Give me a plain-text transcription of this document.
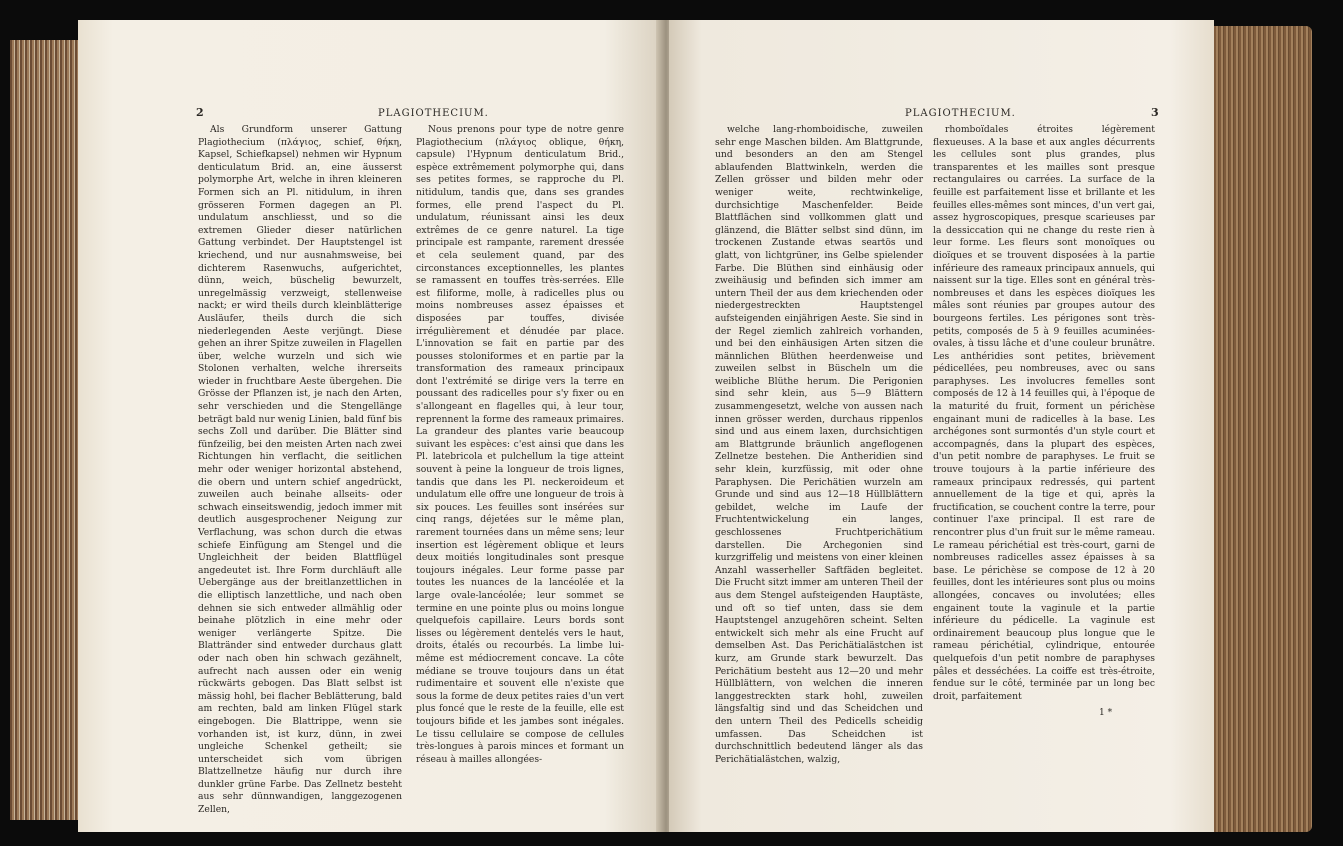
2	PLAGIOTHECIUM.

Als Grundform unserer Gattung Plagiothecium (πλάγιος, schief, θήκη, Kapsel, Schiefkapsel) nehmen wir Hypnum denticulatum Brid. an, eine äusserst polymorphe Art, welche in ihren kleineren Formen sich an Pl. nitidulum, in ihren grösseren Formen dagegen an Pl. undulatum anschliesst, und so die extremen Glieder dieser natürlichen Gattung verbindet. Der Hauptstengel ist kriechend, und nur ausnahmsweise, bei dichterem Rasenwuchs, aufgerichtet, dünn, weich, büschelig bewurzelt, unregelmässig verzweigt, stellenweise nackt; er wird theils durch kleinblätterige Ausläufer, theils durch die sich niederlegenden Aeste verjüngt. Diese gehen an ihrer Spitze zuweilen in Flagellen über, welche wurzeln und sich wie Stolonen verhalten, welche ihrerseits wieder in fruchtbare Aeste übergehen. Die Grösse der Pflanzen ist, je nach den Arten, sehr verschieden und die Stengellänge beträgt bald nur wenig Linien, bald fünf bis sechs Zoll und darüber. Die Blätter sind fünfzeilig, bei den meisten Arten nach zwei Richtungen hin verflacht, die seitlichen mehr oder weniger horizontal abstehend, die obern und untern schief angedrückt, zuweilen auch beinahe allseits- oder schwach einseitswendig, jedoch immer mit deutlich ausgesprochener Neigung zur Verflachung, was schon durch die etwas schiefe Einfügung am Stengel und die Ungleichheit der beiden Blattflügel angedeutet ist. Ihre Form durchläuft alle Uebergänge aus der breitlanzettlichen in die elliptisch lanzettliche, und nach oben dehnen sie sich entweder allmählig oder beinahe plötzlich in eine mehr oder weniger verlängerte Spitze. Die Blattränder sind entweder durchaus glatt oder nach oben hin schwach gezähnelt, aufrecht nach aussen oder ein wenig rückwärts gebogen. Das Blatt selbst ist mässig hohl, bei flacher Beblätterung, bald am rechten, bald am linken Flügel stark eingebogen. Die Blattrippe, wenn sie vorhanden ist, ist kurz, dünn, in zwei ungleiche Schenkel getheilt; sie unterscheidet sich vom übrigen Blattzellnetze häufig nur durch ihre dunkler grüne Farbe. Das Zellnetz besteht aus sehr dünnwandigen, langgezogenen Zellen,

Nous prenons pour type de notre genre Plagiothecium (πλάγιος oblique, θήκη, capsule) l'Hypnum denticulatum Brid., espèce extrêmement polymorphe qui, dans ses petites formes, se rapproche du Pl. nitidulum, tandis que, dans ses grandes formes, elle prend l'aspect du Pl. undulatum, réunissant ainsi les deux extrêmes de ce genre naturel. La tige principale est rampante, rarement dressée et cela seulement quand, par des circonstances exceptionnelles, les plantes se ramassent en touffes très-serrées. Elle est filiforme, molle, à radicelles plus ou moins nombreuses assez épaisses et disposées par touffes, divisée irrégulièrement et dénudée par place. L'innovation se fait en partie par des pousses stoloniformes et en partie par la transformation des rameaux principaux dont l'extrémité se dirige vers la terre en poussant des radicelles pour s'y fixer ou en s'allongeant en flagelles qui, à leur tour, reprennent la forme des rameaux primaires. La grandeur des plantes varie beaucoup suivant les espèces: c'est ainsi que dans les Pl. latebricola et pulchellum la tige atteint souvent à peine la longueur de trois lignes, tandis que dans les Pl. neckeroideum et undulatum elle offre une longueur de trois à six pouces. Les feuilles sont insérées sur cinq rangs, déjetées sur le même plan, rarement tournées dans un même sens; leur insertion est légèrement oblique et leurs deux moitiés longitudinales sont presque toujours inégales. Leur forme passe par toutes les nuances de la lancéolée et la large ovale-lancéolée; leur sommet se termine en une pointe plus ou moins longue quelquefois capillaire. Leurs bords sont lisses ou légèrement dentelés vers le haut, droits, étalés ou recourbés. La limbe lui-même est médiocrement concave. La côte médiane se trouve toujours dans un état rudimentaire et souvent elle n'existe que sous la forme de deux petites raies d'un vert plus foncé que le reste de la feuille, elle est toujours bifide et les jambes sont inégales. Le tissu cellulaire se compose de cellules très-longues à parois minces et formant un réseau à mailles allongées-

PLAGIOTHECIUM.	3

welche lang-rhomboidische, zuweilen sehr enge Maschen bilden. Am Blattgrunde, und besonders an den am Stengel ablaufenden Blattwinkeln, werden die Zellen grösser und bilden mehr oder weniger weite, rechtwinkelige, durchsichtige Maschenfelder. Beide Blattflächen sind vollkommen glatt und glänzend, die Blätter selbst sind dünn, im trockenen Zustande etwas seartös und glatt, von lichtgrüner, ins Gelbe spielender Farbe. Die Blüthen sind einhäusig oder zweihäusig und befinden sich immer am untern Theil der aus dem kriechenden oder niedergestreckten Hauptstengel aufsteigenden einjährigen Aeste. Sie sind in der Regel ziemlich zahlreich vorhanden, und bei den einhäusigen Arten sitzen die männlichen Blüthen heerdenweise und zuweilen selbst in Büscheln um die weibliche Blüthe herum. Die Perigonien sind sehr klein, aus 5—9 Blättern zusammengesetzt, welche von aussen nach innen grösser werden, durchaus rippenlos sind und aus einem laxen, durchsichtigen am Blattgrunde bräunlich angeflogenen Zellnetze bestehen. Die Antheridien sind sehr klein, kurzfüssig, mit oder ohne Paraphysen. Die Perichätien wurzeln am Grunde und sind aus 12—18 Hüllblättern gebildet, welche im Laufe der Fruchtentwickelung ein langes, geschlossenes Fruchtperichätium darstellen. Die Archegonien sind kurzgriffelig und meistens von einer kleinen Anzahl wasserheller Saftfäden begleitet. Die Frucht sitzt immer am unteren Theil der aus dem Stengel aufsteigenden Hauptäste, und oft so tief unten, dass sie dem Hauptstengel anzugehören scheint. Selten entwickelt sich mehr als eine Frucht auf demselben Ast. Das Perichätialästchen ist kurz, am Grunde stark bewurzelt. Das Perichätium besteht aus 12—20 und mehr Hüllblättern, von welchen die inneren langgestreckten stark hohl, zuweilen längsfaltig sind und das Scheidchen und den untern Theil des Pedicells scheidig umfassen. Das Scheidchen ist durchschnittlich bedeutend länger als das Perichätialästchen, walzig,

rhomboïdales étroites légèrement flexueuses. A la base et aux angles décurrents les cellules sont plus grandes, plus transparentes et les mailles sont presque rectangulaires ou carrées. La surface de la feuille est parfaitement lisse et brillante et les feuilles elles-mêmes sont minces, d'un vert gai, assez hygroscopiques, presque scarieuses par la dessiccation qui ne change du reste rien à leur forme. Les fleurs sont monoïques ou dioïques et se trouvent disposées à la partie inférieure des rameaux principaux annuels, qui naissent sur la tige. Elles sont en général très-nombreuses et dans les espèces dioïques les mâles sont réunies par groupes autour des bourgeons fertiles. Les périgones sont très-petits, composés de 5 à 9 feuilles acuminées-ovales, à tissu lâche et d'une couleur brunâtre. Les anthéridies sont petites, brièvement pédicellées, peu nombreuses, avec ou sans paraphyses. Les involucres femelles sont composés de 12 à 14 feuilles qui, à l'époque de la maturité du fruit, forment un périchèse engainant muni de radicelles à la base. Les archégones sont surmontés d'un style court et accompagnés, dans la plupart des espèces, d'un petit nombre de paraphyses. Le fruit se trouve toujours à la partie inférieure des rameaux principaux redressés, qui partent annuellement de la tige et qui, après la fructification, se couchent contre la terre, pour continuer l'axe principal. Il est rare de rencontrer plus d'un fruit sur le même rameau. Le rameau périchétial est très-court, garni de nombreuses radicelles assez épaisses à sa base. Le périchèse se compose de 12 à 20 feuilles, dont les intérieures sont plus ou moins allongées, concaves ou involutées; elles engainent toute la vaginule et la partie inférieure du pédicelle. La vaginule est ordinairement beaucoup plus longue que le rameau périchétial, cylindrique, entourée quelquefois d'un petit nombre de paraphyses pâles et desséchées. La coiffe est très-étroite, fendue sur le côté, terminée par un long bec droit, parfaitement

1 *
